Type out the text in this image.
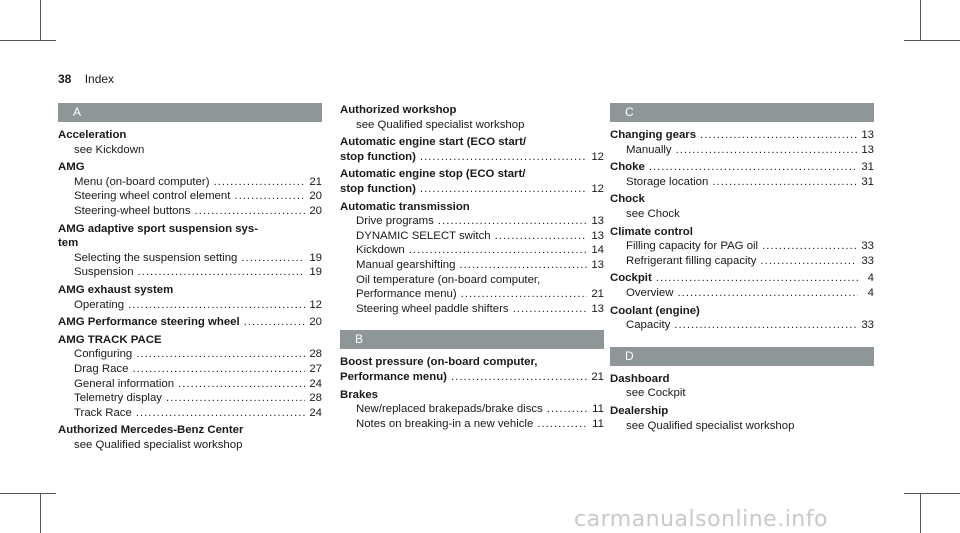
38 Index
A
Acceleration
see Kickdown
AMG
Menu (on-board computer) .....	21
Steering wheel control element .....	20
Steering-wheel buttons .....	20
AMG adaptive sport suspension sys-
tem
Selecting the suspension setting .....	19
Suspension .....	19
AMG exhaust system
Operating .....	12
AMG Performance steering wheel .....	20
AMG TRACK PACE
Configuring .....	28
Drag Race .....	27
General information .....	24
Telemetry display .....	28
Track Race .....	24
Authorized Mercedes-Benz Center
see Qualified specialist workshop
Authorized workshop
see Qualified specialist workshop
Automatic engine start (ECO start/
stop function) .....	12
Automatic engine stop (ECO start/
stop function) .....	12
Automatic transmission
Drive programs .....	13
DYNAMIC SELECT switch .....	13
Kickdown .....	14
Manual gearshifting .....	13
Oil temperature (on-board computer,
Performance menu) .....	21
Steering wheel paddle shifters .....	13
B
Boost pressure (on-board computer,
Performance menu) .....	21
Brakes
New/replaced brakepads/brake discs .....	11
Notes on breaking-in a new vehicle .....	11
C
Changing gears .....	13
Manually .....	13
Choke .....	31
Storage location .....	31
Chock
see Chock
Climate control
Filling capacity for PAG oil .....	33
Refrigerant filling capacity .....	33
Cockpit .....	4
Overview .....	4
Coolant (engine)
Capacity .....	33
D
Dashboard
see Cockpit
Dealership
see Qualified specialist workshop
carmanualsonline.info
